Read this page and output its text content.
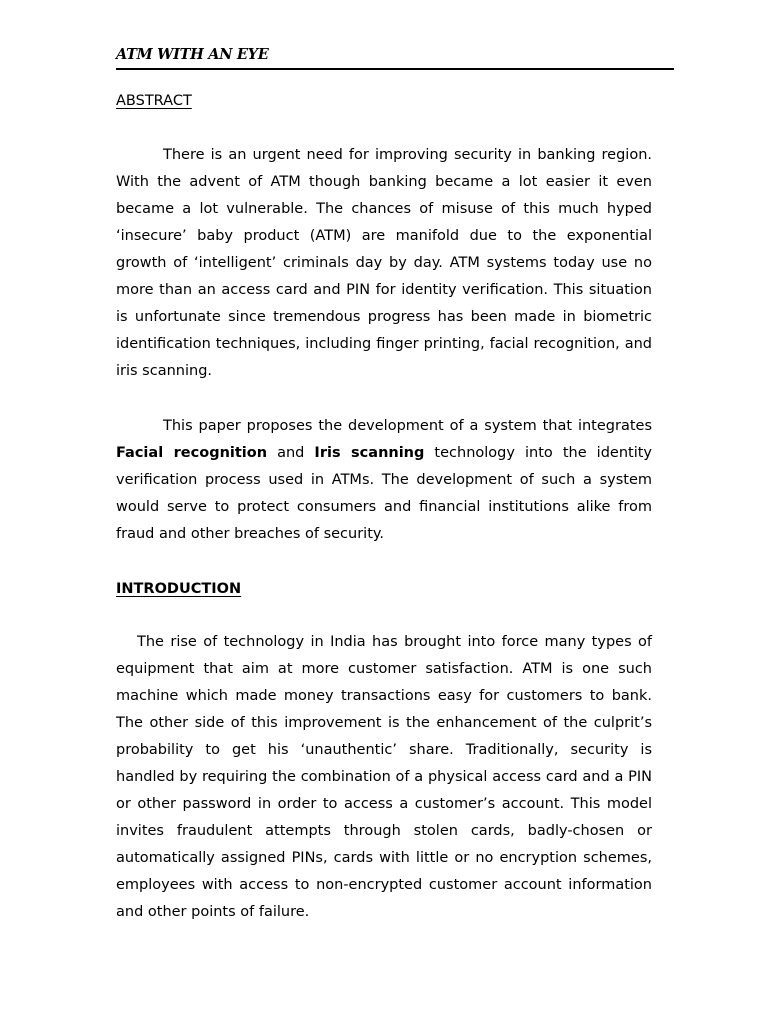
ATM WITH AN EYE
ABSTRACT

There is an urgent need for improving security in banking region. With the advent of ATM though banking became a lot easier it even became a lot vulnerable. The chances of misuse of this much hyped ‘insecure’ baby product (ATM) are manifold due to the exponential growth of ‘intelligent’ criminals day by day. ATM systems today use no more than an access card and PIN for identity verification. This situation is unfortunate since tremendous progress has been made in biometric identification techniques, including finger printing, facial recognition, and iris scanning.

This paper proposes the development of a system that integrates Facial recognition and Iris scanning technology into the identity verification process used in ATMs. The development of such a system would serve to protect consumers and financial institutions alike from fraud and other breaches of security.

INTRODUCTION

The rise of technology in India has brought into force many types of equipment that aim at more customer satisfaction. ATM is one such machine which made money transactions easy for customers to bank. The other side of this improvement is the enhancement of the culprit’s probability to get his ‘unauthentic’ share. Traditionally, security is handled by requiring the combination of a physical access card and a PIN or other password in order to access a customer’s account. This model invites fraudulent attempts through stolen cards, badly-chosen or automatically assigned PINs, cards with little or no encryption schemes, employees with access to non-encrypted customer account information and other points of failure.
